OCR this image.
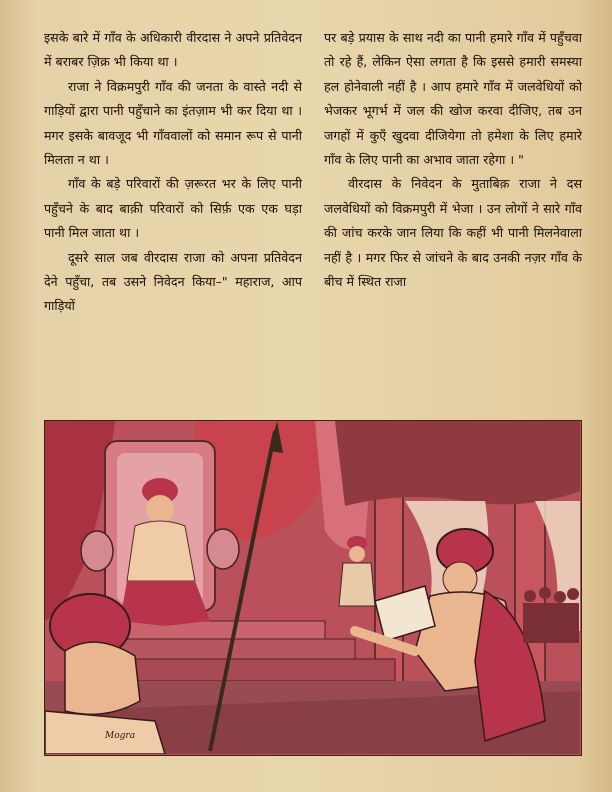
इसके बारे में गाँव के अधिकारी वीरदास ने अपने प्रतिवेदन में बराबर ज़िक्र भी किया था ।

राजा ने विक्रमपुरी गाँव की जनता के वास्ते नदी से गाड़ियों द्वारा पानी पहुँचाने का इंतज़ाम भी कर दिया था । मगर इसके बावजूद भी गाँववालों को समान रूप से पानी मिलता न था ।

गाँव के बड़े परिवारों की ज़रूरत भर के लिए पानी पहुँचने के बाद बाक़ी परिवारों को सिर्फ़ एक एक घड़ा पानी मिल जाता था ।

दूसरे साल जब वीरदास राजा को अपना प्रतिवेदन देने पहुँचा, तब उसने निवेदन किया–" महाराज, आप गाड़ियों

पर बड़े प्रयास के साथ नदी का पानी हमारे गाँव में पहुँचवा तो रहे हैं, लेकिन ऐसा लगता है कि इससे हमारी समस्या हल होनेवाली नहीं है । आप हमारे गाँव में जलवेधियों को भेजकर भूगर्भ में जल की खोज करवा दीजिए, तब उन जगहों में कुएँ खुदवा दीजियेगा तो हमेशा के लिए हमारे गाँव के लिए पानी का अभाव जाता रहेगा । "

वीरदास के निवेदन के मुताबिक़ राजा ने दस जलवेधियों को विक्रमपुरी में भेजा । उन लोगों ने सारे गाँव की जांच करके जान लिया कि कहीं भी पानी मिलनेवाला नहीं है । मगर फिर से जांचने के बाद उनकी नज़र गाँव के बीच में स्थित राजा

Mogra
